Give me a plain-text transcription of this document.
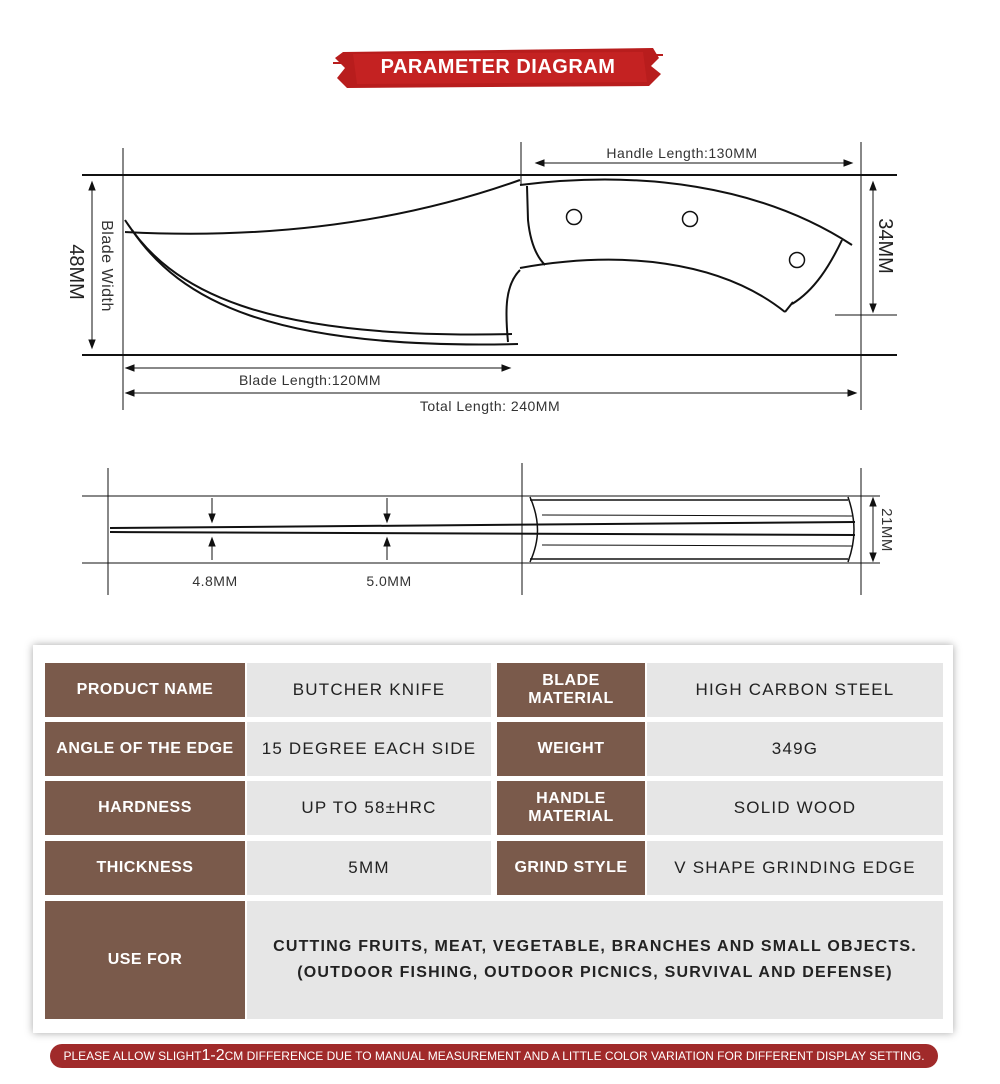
PARAMETER DIAGRAM
Handle Length:130MM
Blade Length:120MM
Total Length: 240MM
Blade Width
48MM	34MM
4.8MM	5.0MM
21MM
PRODUCT NAME	BUTCHER KNIFE	BLADE MATERIAL	HIGH CARBON STEEL
ANGLE OF THE EDGE	15 DEGREE EACH SIDE	WEIGHT	349G
HARDNESS	UP TO 58±HRC	HANDLE MATERIAL	SOLID WOOD
THICKNESS	5MM	GRIND STYLE	V SHAPE GRINDING EDGE
USE FOR
CUTTING FRUITS, MEAT, VEGETABLE, BRANCHES AND SMALL OBJECTS.
(OUTDOOR FISHING, OUTDOOR PICNICS, SURVIVAL AND DEFENSE)
PLEASE ALLOW SLIGHT 1-2 CM DIFFERENCE DUE TO MANUAL MEASUREMENT AND A LITTLE COLOR VARIATION FOR DIFFERENT DISPLAY SETTING.
